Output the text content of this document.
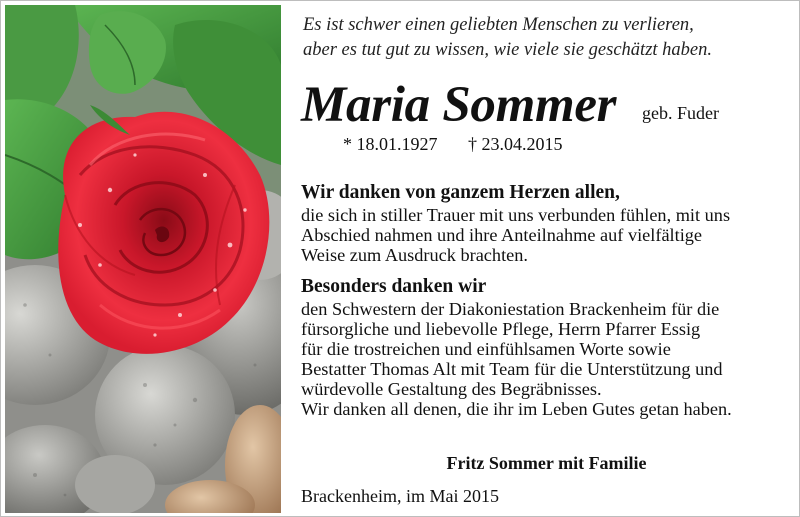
Es ist schwer einen geliebten Menschen zu verlieren,
aber es tut gut zu wissen, wie viele sie geschätzt haben.
Maria Sommer geb. Fuder
* 18.01.1927 † 23.04.2015
Wir danken von ganzem Herzen allen,
die sich in stiller Trauer mit uns verbunden fühlen, mit uns
Abschied nahmen und ihre Anteilnahme auf vielfältige
Weise zum Ausdruck brachten.
Besonders danken wir
den Schwestern der Diakoniestation Brackenheim für die
fürsorgliche und liebevolle Pflege, Herrn Pfarrer Essig
für die trostreichen und einfühlsamen Worte sowie
Bestatter Thomas Alt mit Team für die Unterstützung und
würdevolle Gestaltung des Begräbnisses.
Wir danken all denen, die ihr im Leben Gutes getan haben.
Fritz Sommer mit Familie
Brackenheim, im Mai 2015
